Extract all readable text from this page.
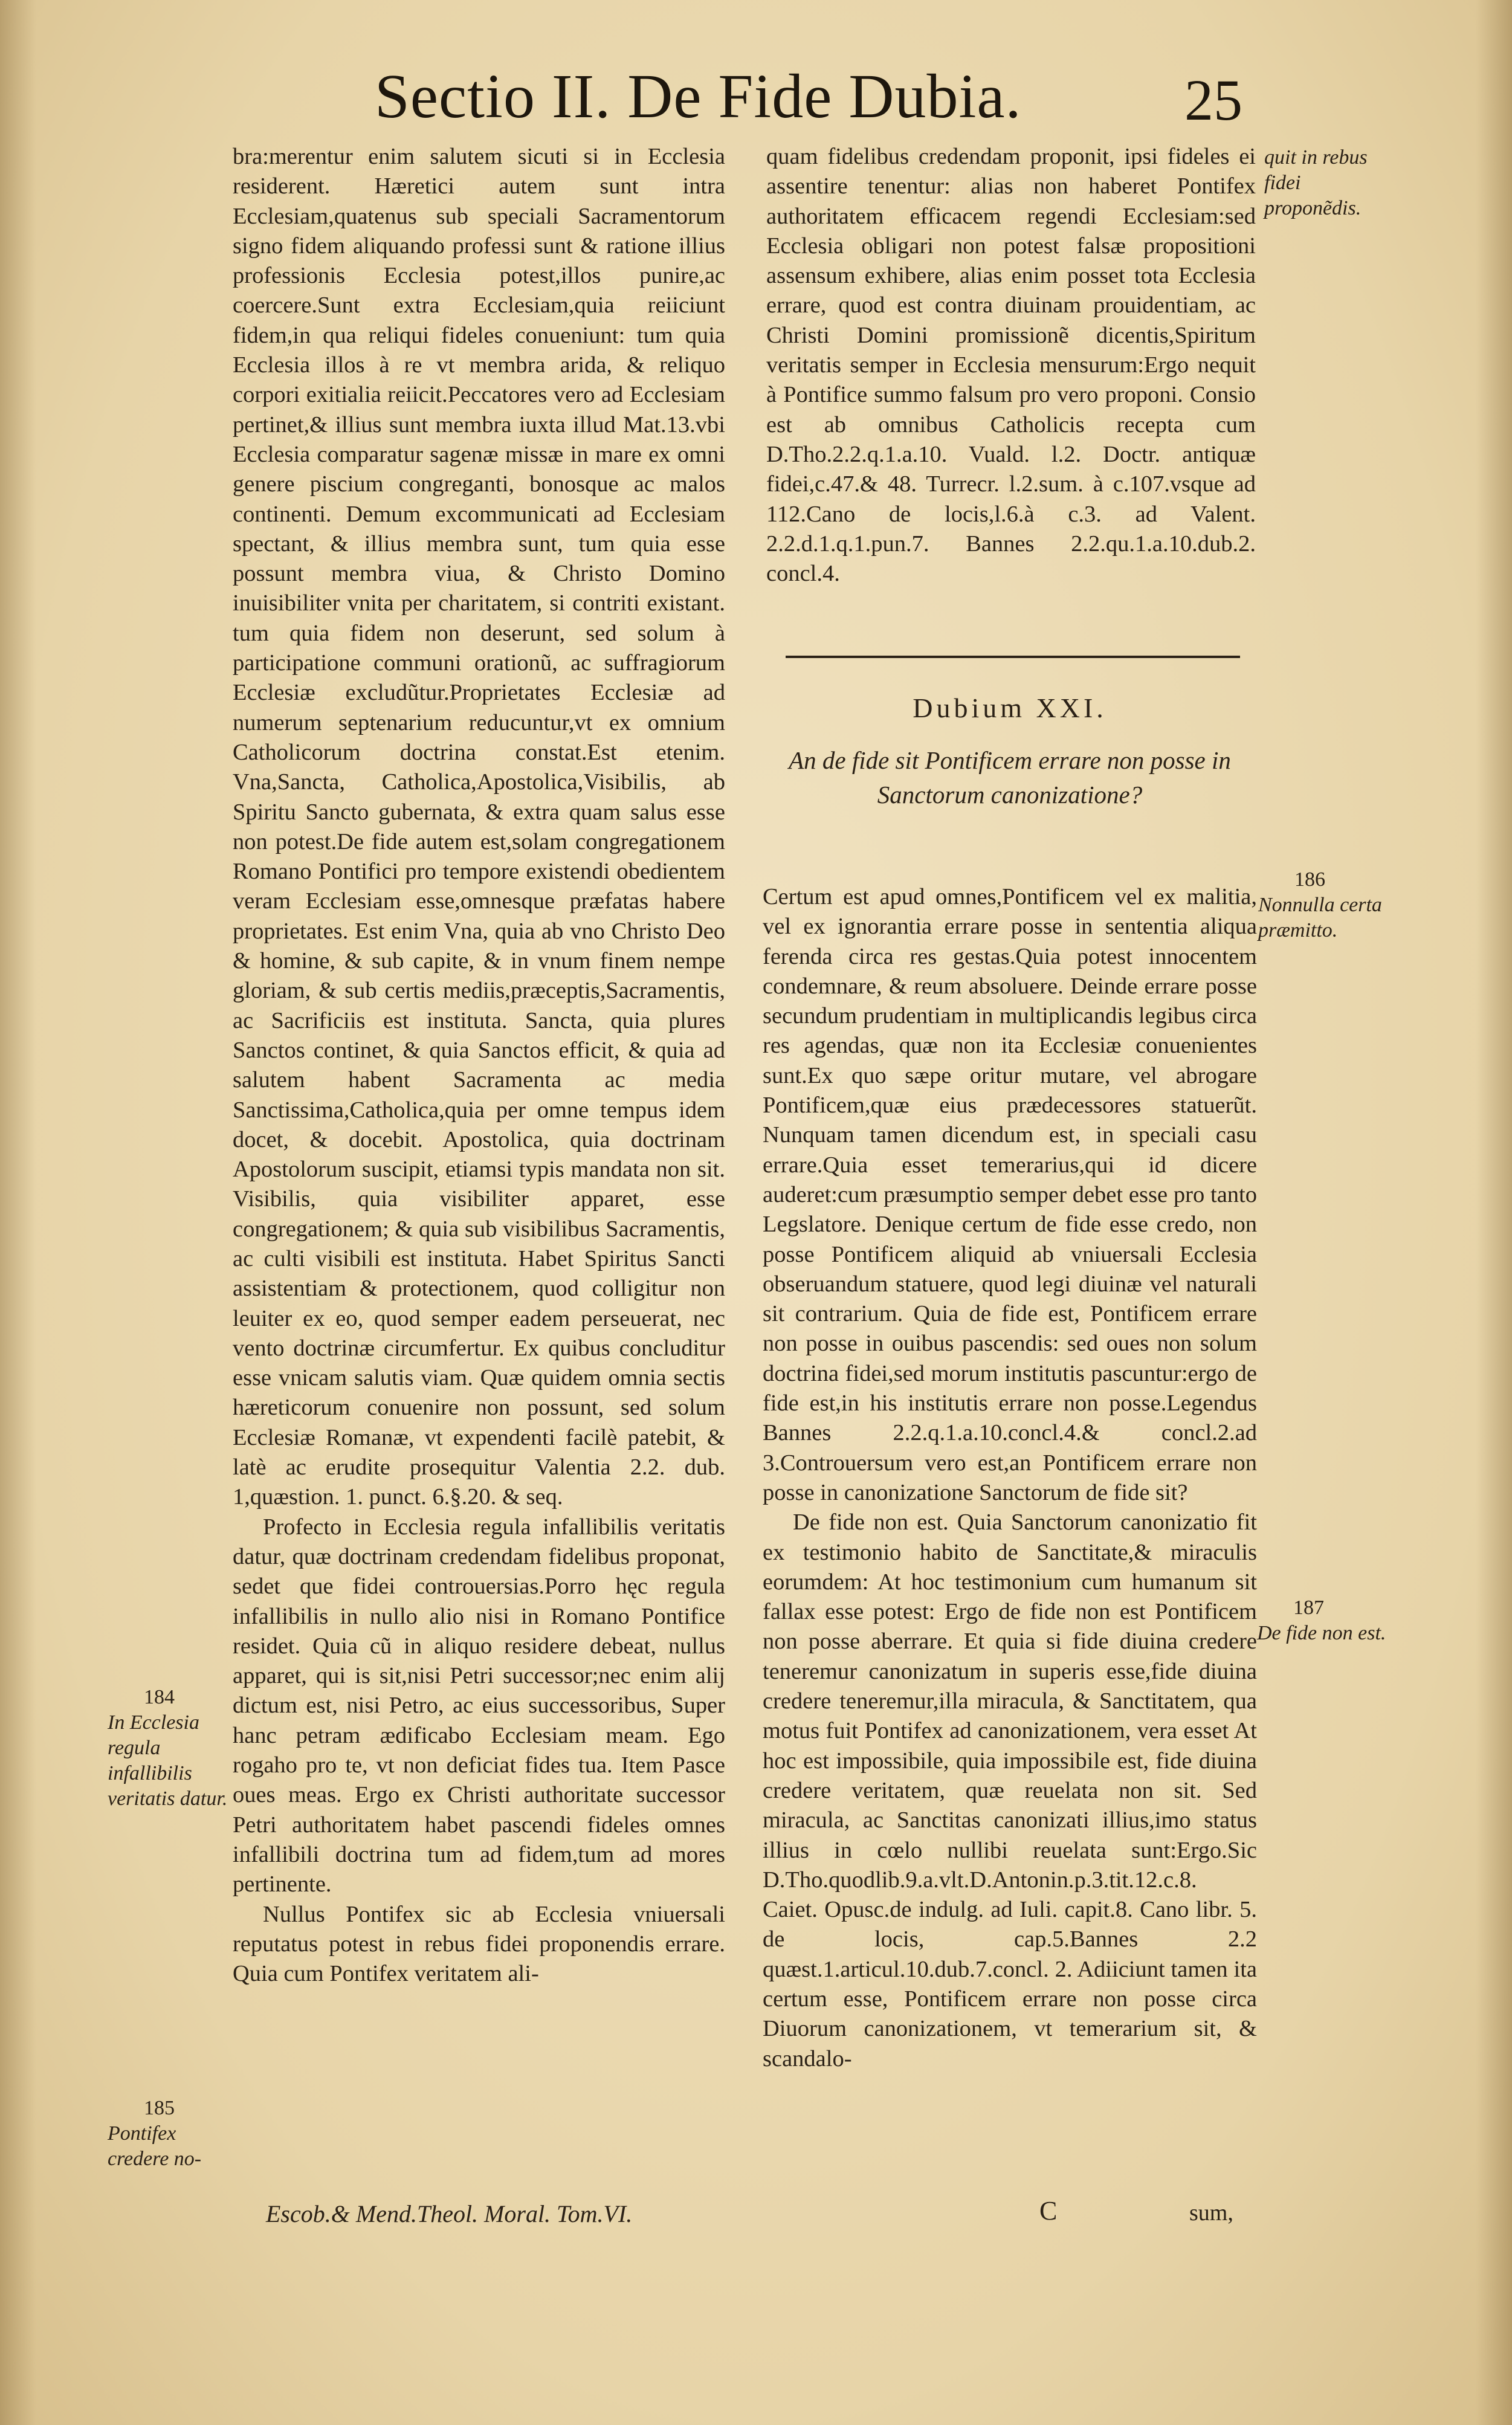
Sectio II. De Fide Dubia.	25

bra:merentur enim salutem sicuti si in Ecclesia residerent. Hæretici autem sunt intra Ecclesiam,quatenus sub speciali Sacramentorum signo fidem aliquando professi sunt & ratione illius professionis Ecclesia potest,illos punire,ac coercere.Sunt extra Ecclesiam,quia reiiciunt fidem,in qua reliqui fideles conueniunt: tum quia Ecclesia illos à re vt membra arida, & reliquo corpori exitialia reiicit.Peccatores vero ad Ecclesiam pertinet,& illius sunt membra iuxta illud Mat.13.vbi Ecclesia comparatur sagenæ missæ in mare ex omni genere piscium congreganti, bonosque ac malos continenti. Demum excommunicati ad Ecclesiam spectant, & illius membra sunt, tum quia esse possunt membra viua, & Christo Domino inuisibiliter vnita per charitatem, si contriti existant. tum quia fidem non deserunt, sed solum à participatione communi orationũ, ac suffragiorum Ecclesiæ excludũtur.Proprietates Ecclesiæ ad numerum septenarium reducuntur,vt ex omnium Catholicorum doctrina constat.Est etenim. Vna,Sancta, Catholica,Apostolica,Visibilis, ab Spiritu Sancto gubernata, & extra quam salus esse non potest.De fide autem est,solam congregationem Romano Pontifici pro tempore existendi obedientem veram Ecclesiam esse,omnesque præfatas habere proprietates. Est enim Vna, quia ab vno Christo Deo & homine, & sub capite, & in vnum finem nempe gloriam, & sub certis mediis,præceptis,Sacramentis, ac Sacrificiis est instituta. Sancta, quia plures Sanctos continet, & quia Sanctos efficit, & quia ad salutem habent Sacramenta ac media Sanctissima,Catholica,quia per omne tempus idem docet, & docebit. Apostolica, quia doctrinam Apostolorum suscipit, etiamsi typis mandata non sit. Visibilis, quia visibiliter apparet, esse congregationem; & quia sub visibilibus Sacramentis, ac culti visibili est instituta. Habet Spiritus Sancti assistentiam & protectionem, quod colligitur non leuiter ex eo, quod semper eadem perseuerat, nec vento doctrinæ circumfertur. Ex quibus concluditur esse vnicam salutis viam. Quæ quidem omnia sectis hæreticorum conuenire non possunt, sed solum Ecclesiæ Romanæ, vt expendenti facilè patebit, & latè ac erudite prosequitur Valentia 2.2. dub. 1,quæstion. 1. punct. 6.§.20. & seq.

Profecto in Ecclesia regula infallibilis veritatis datur, quæ doctrinam credendam fidelibus proponat, sedet que fidei controuersias.Porro hęc regula infallibilis in nullo alio nisi in Romano Pontifice residet. Quia cũ in aliquo residere debeat, nullus apparet, qui is sit,nisi Petri successor;nec enim alij dictum est, nisi Petro, ac eius successoribus, Super hanc petram ædificabo Ecclesiam meam. Ego rogaho pro te, vt non deficiat fides tua. Item Pasce oues meas. Ergo ex Christi authoritate successor Petri authoritatem habet pascendi fideles omnes infallibili doctrina tum ad fidem,tum ad mores pertinente.

Nullus Pontifex sic ab Ecclesia vniuersali reputatus potest in rebus fidei proponendis errare. Quia cum Pontifex veritatem ali-

quam fidelibus credendam proponit, ipsi fideles ei assentire tenentur: alias non haberet Pontifex authoritatem efficacem regendi Ecclesiam:sed Ecclesia obligari non potest falsæ propositioni assensum exhibere, alias enim posset tota Ecclesia errare, quod est contra diuinam prouidentiam, ac Christi Domini promissionẽ dicentis,Spiritum veritatis semper in Ecclesia mensurum:Ergo nequit à Pontifice summo falsum pro vero proponi. Consio est ab omnibus Catholicis recepta cum D.Tho.2.2.q.1.a.10. Vuald. l.2. Doctr. antiquæ fidei,c.47.& 48. Turrecr. l.2.sum. à c.107.vsque ad 112.Cano de locis,l.6.à c.3. ad Valent. 2.2.d.1.q.1.pun.7. Bannes 2.2.qu.1.a.10.dub.2. concl.4.

Dubium XXI.
An de fide sit Pontificem errare non posse in Sanctorum canonizatione?

Certum est apud omnes,Pontificem vel ex malitia, vel ex ignorantia errare posse in sententia aliqua ferenda circa res gestas.Quia potest innocentem condemnare, & reum absoluere. Deinde errare posse secundum prudentiam in multiplicandis legibus circa res agendas, quæ non ita Ecclesiæ conuenientes sunt.Ex quo sæpe oritur mutare, vel abrogare Pontificem,quæ eius prædecessores statuerũt. Nunquam tamen dicendum est, in speciali casu errare.Quia esset temerarius,qui id dicere auderet:cum præsumptio semper debet esse pro tanto Legslatore. Denique certum de fide esse credo, non posse Pontificem aliquid ab vniuersali Ecclesia obseruandum statuere, quod legi diuinæ vel naturali sit contrarium. Quia de fide est, Pontificem errare non posse in ouibus pascendis: sed oues non solum doctrina fidei,sed morum institutis pascuntur:ergo de fide est,in his institutis errare non posse.Legendus Bannes 2.2.q.1.a.10.concl.4.& concl.2.ad 3.Controuersum vero est,an Pontificem errare non posse in canonizatione Sanctorum de fide sit?

De fide non est. Quia Sanctorum canonizatio fit ex testimonio habito de Sanctitate,& miraculis eorumdem: At hoc testimonium cum humanum sit fallax esse potest: Ergo de fide non est Pontificem non posse aberrare. Et quia si fide diuina credere teneremur canonizatum in superis esse,fide diuina credere teneremur,illa miracula, & Sanctitatem, qua motus fuit Pontifex ad canonizationem, vera esset At hoc est impossibile, quia impossibile est, fide diuina credere veritatem, quæ reuelata non sit. Sed miracula, ac Sanctitas canonizati illius,imo status illius in cœlo nullibi reuelata sunt:Ergo.Sic D.Tho.quodlib.9.a.vlt.D.Antonin.p.3.tit.12.c.8. Caiet. Opusc.de indulg. ad Iuli. capit.8. Cano libr. 5. de locis, cap.5.Bannes 2.2 quæst.1.articul.10.dub.7.concl. 2. Adiiciunt tamen ita certum esse, Pontificem errare non posse circa Diuorum canonizationem, vt temerarium sit, & scandalo-

quit in rebus fidei proponẽdis.
186
Nonnulla certa præmitto.
187
De fide non est.
184
In Ecclesia regula infallibilis veritatis datur.
185
Pontifex credere no-
Escob.& Mend.Theol. Moral. Tom.VI.	C	sum,
